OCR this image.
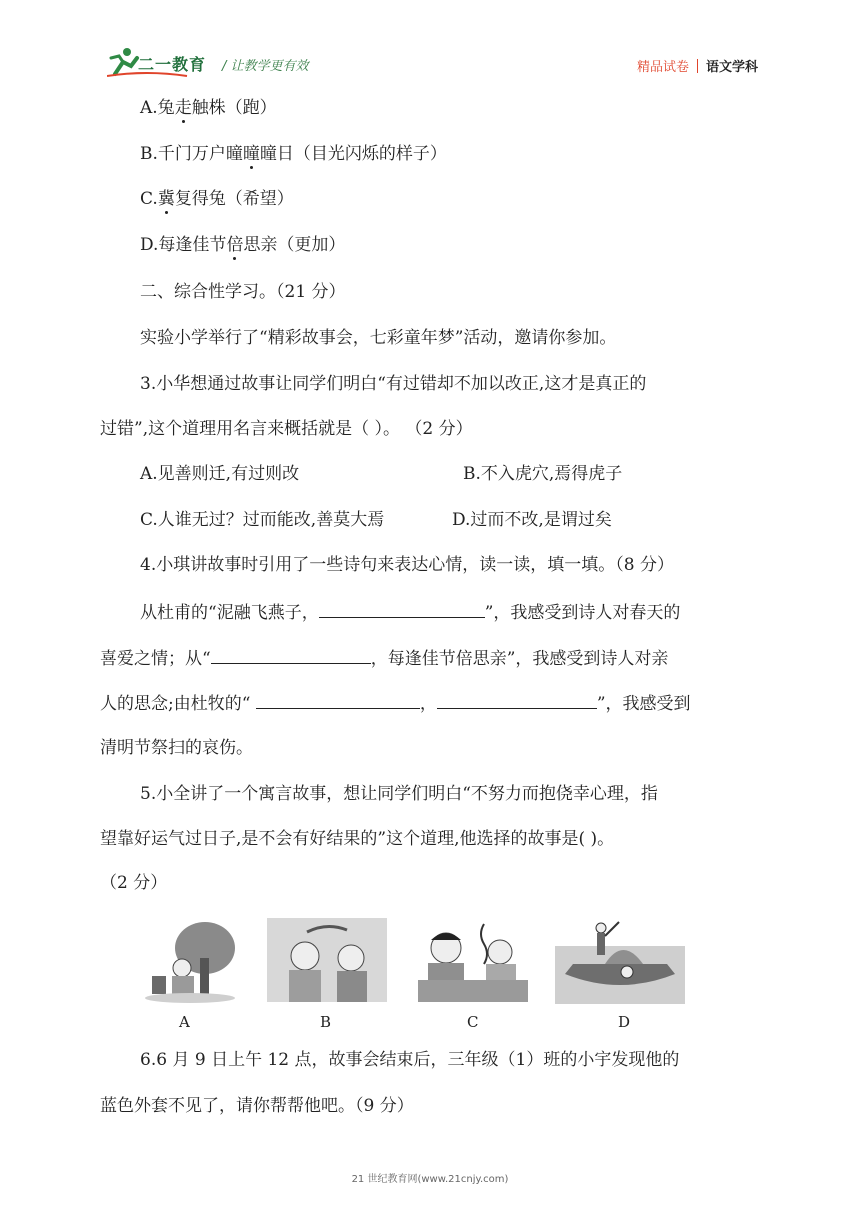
二一教育 / 让教学更有效	精品试卷 语文学科
A.兔走触株（跑）
B.千门万户曈曈曈日（目光闪烁的样子）
C.冀复得兔（希望）
D.每逢佳节倍思亲（更加）
二、综合性学习。（21 分）
实验小学举行了“精彩故事会，七彩童年梦”活动，邀请你参加。
3.小华想通过故事让同学们明白“有过错却不加以改正,这才是真正的
过错”,这个道理用名言来概括就是（ ）。 （2 分）
A.见善则迁,有过则改	B.不入虎穴,焉得虎子
C.人谁无过？过而能改,善莫大焉	D.过而不改,是谓过矣
4.小琪讲故事时引用了一些诗句来表达心情，读一读，填一填。（8 分）
从杜甫的“泥融飞燕子，	”，我感受到诗人对春天的
喜爱之情；从“	，每逢佳节倍思亲”，我感受到诗人对亲
人的思念;由杜牧的“	，	”，我感受到
清明节祭扫的哀伤。
5.小全讲了一个寓言故事，想让同学们明白“不努力而抱侥幸心理，指
望靠好运气过日子,是不会有好结果的”这个道理,他选择的故事是( )。
（2 分）
A	B	C	D
6.6 月 9 日上午 12 点，故事会结束后，三年级（1）班的小宇发现他的
蓝色外套不见了，请你帮帮他吧。（9 分）
21 世纪教育网(www.21cnjy.com)
